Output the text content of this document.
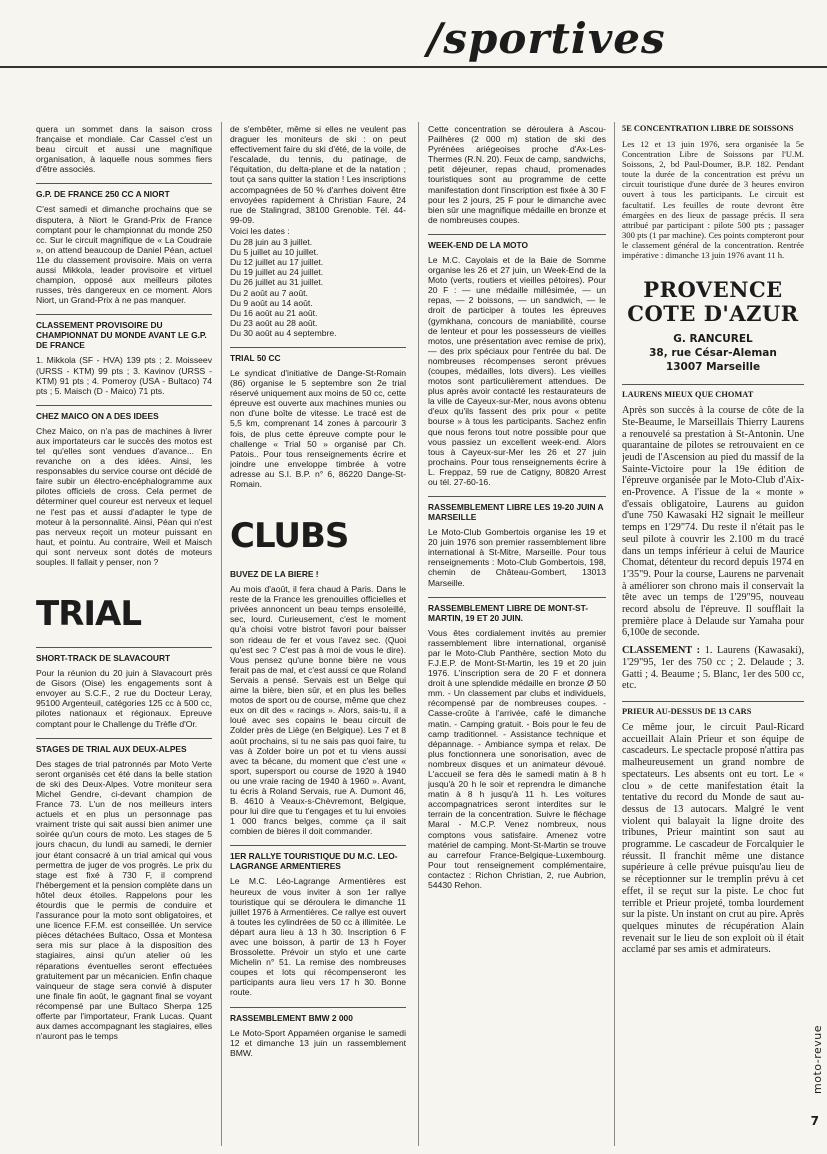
/sportives

quera un sommet dans la saison cross française et mondiale. Car Cassel c'est un beau circuit et aussi une magnifique organisation, à laquelle nous sommes fiers d'être associés.

G.P. DE FRANCE 250 CC A NIORT

C'est samedi et dimanche prochains que se disputera, à Niort le Grand-Prix de France comptant pour le championnat du monde 250 cc. Sur le circuit magnifique de « La Coudraie », on attend beaucoup de Daniel Péan, actuel 11e du classement provisoire. Mais on verra aussi Mikkola, leader provisoire et virtuel champion, opposé aux meilleurs pilotes russes, très dangereux en ce moment. Alors Niort, un Grand-Prix à ne pas manquer.

CLASSEMENT PROVISOIRE DU CHAMPIONNAT DU MONDE AVANT LE G.P. DE FRANCE

1. Mikkola (SF - HVA) 139 pts ; 2. Moisseev (URSS - KTM) 99 pts ; 3. Kavinov (URSS - KTM) 91 pts ; 4. Pomeroy (USA - Bultaco) 74 pts ; 5. Maisch (D - Maico) 71 pts.

CHEZ MAICO ON A DES IDEES

Chez Maico, on n'a pas de machines à livrer aux importateurs car le succès des motos est tel qu'elles sont vendues d'avance... En revanche on a des idées. Ainsi, les responsables du service course ont décidé de faire subir un électro-encéphalogramme aux pilotes officiels de cross. Cela permet de déterminer quel coureur est nerveux et lequel ne l'est pas et aussi d'adapter le type de moteur à la personnalité. Ainsi, Péan qui n'est pas nerveux reçoit un moteur puissant en haut, et pointu. Au contraire, Weil et Maisch qui sont nerveux sont dotés de moteurs souples. Il fallait y penser, non ?

TRIAL
SHORT-TRACK DE SLAVACOURT

Pour la réunion du 20 juin à Slavacourt près de Gisors (Oise) les engagements sont à envoyer au S.C.F., 2 rue du Docteur Leray, 95100 Argenteuil, catégories 125 cc à 500 cc, pilotes nationaux et régionaux. Epreuve comptant pour le Challenge du Trèfle d'Or.

STAGES DE TRIAL AUX DEUX-ALPES

Des stages de trial patronnés par Moto Verte seront organisés cet été dans la belle station de ski des Deux-Alpes. Votre moniteur sera Michel Gendre, ci-devant champion de France 73. L'un de nos meilleurs inters actuels et en plus un personnage pas vraiment triste qui sait aussi bien animer une soirée qu'un cours de moto. Les stages de 5 jours chacun, du lundi au samedi, le dernier jour étant consacré à un trial amical qui vous permettra de juger de vos progrès. Le prix du stage est fixé à 730 F, il comprend l'hébergement et la pension complète dans un hôtel deux étoiles. Rappelons pour les étourdis que le permis de conduire et l'assurance pour la moto sont obligatoires, et une licence F.F.M. est conseillée. Un service pièces détachées Bultaco, Ossa et Montesa sera mis sur place à la disposition des stagiaires, ainsi qu'un atelier où les réparations éventuelles seront effectuées gratuitement par un mécanicien. Enfin chaque vainqueur de stage sera convié à disputer une finale fin août, le gagnant final se voyant récompensé par une Bultaco Sherpa 125 offerte par l'importateur, Frank Lucas. Quant aux dames accompagnant les stagiaires, elles n'auront pas le temps

de s'embêter, même si elles ne veulent pas draguer les moniteurs de ski : on peut effectivement faire du ski d'été, de la voile, de l'escalade, du tennis, du patinage, de l'équitation, du delta-plane et de la natation ; tout ça sans quitter la station ! Les inscriptions accompagnées de 50 % d'arrhes doivent être envoyées rapidement à Christian Faure, 24 rue de Stalingrad, 38100 Grenoble. Tél. 44-99-09.

Voici les dates :

Du 28 juin au 3 juillet.
Du 5 juillet au 10 juillet.
Du 12 juillet au 17 juillet.
Du 19 juillet au 24 juillet.
Du 26 juillet au 31 juillet.
Du 2 août au 7 août.
Du 9 août au 14 août.
Du 16 août au 21 août.
Du 23 août au 28 août.
Du 30 août au 4 septembre.
TRIAL 50 CC

Le syndicat d'initiative de Dange-St-Romain (86) organise le 5 septembre son 2e trial réservé uniquement aux moins de 50 cc, cette épreuve est ouverte aux machines munies ou non d'une boîte de vitesse. Le tracé est de 5,5 km, comprenant 14 zones à parcourir 3 fois, de plus cette épreuve compte pour le challenge « Trial 50 » organisé par Ch. Patois.. Pour tous renseignements écrire et joindre une enveloppe timbrée à votre adresse au S.I. B.P. n° 6, 86220 Dange-St-Romain.

CLUBS
BUVEZ DE LA BIERE !

Au mois d'août, il fera chaud à Paris. Dans le reste de la France les grenouilles officielles et privées annoncent un beau temps ensoleillé, sec, lourd. Curieusement, c'est le moment qu'a choisi votre bistrot favori pour baisser son rideau de fer et vous l'avez sec. (Quoi qu'est sec ? C'est pas à moi de vous le dire). Vous pensez qu'une bonne bière ne vous ferait pas de mal, et c'est aussi ce que Roland Servais a pensé. Servais est un Belge qui aime la bière, bien sûr, et en plus les belles motos de sport ou de course, même que chez eux on dit des « racings ». Alors, sais-tu, il a loué avec ses copains le beau circuit de Zolder près de Liège (en Belgique). Les 7 et 8 août prochains, si tu ne sais pas quoi faire, tu vas à Zolder boire un pot et tu viens aussi avec ta bécane, du moment que c'est une « sport, supersport ou course de 1920 à 1940 ou une vraie racing de 1940 à 1960 ». Avant, tu écris à Roland Servais, rue A. Dumont 46, B. 4610 à Veaux-s-Chèvremont, Belgique, pour lui dire que tu t'engages et tu lui envoies 1 000 francs belges, comme ça il sait combien de bières il doit commander.

1ER RALLYE TOURISTIQUE DU M.C. LEO-LAGRANGE ARMENTIERES

Le M.C. Léo-Lagrange Armentières est heureux de vous inviter à son 1er rallye touristique qui se déroulera le dimanche 11 juillet 1976 à Armentières. Ce rallye est ouvert à toutes les cylindrées de 50 cc à illimitée. Le départ aura lieu à 13 h 30. Inscription 6 F avec une boisson, à partir de 13 h Foyer Brossolette. Prévoir un stylo et une carte Michelin n° 51. La remise des nombreuses coupes et lots qui récompenseront les participants aura lieu vers 17 h 30. Bonne route.

RASSEMBLEMENT BMW 2 000

Le Moto-Sport Appaméen organise le samedi 12 et dimanche 13 juin un rassemblement BMW.

Cette concentration se déroulera à Ascou-Pailhères (2 000 m) station de ski des Pyrénées ariégeoises proche d'Ax-Les-Thermes (R.N. 20). Feux de camp, sandwichs, petit déjeuner, repas chaud, promenades touristiques sont au programme de cette manifestation dont l'inscription est fixée à 30 F pour les 2 jours, 25 F pour le dimanche avec bien sûr une magnifique médaille en bronze et de nombreuses coupes.

WEEK-END DE LA MOTO

Le M.C. Cayolais et de la Baie de Somme organise les 26 et 27 juin, un Week-End de la Moto (verts, routiers et vieilles pétoires). Pour 20 F : — une médaille millésimée, — un repas, — 2 boissons, — un sandwich, — le droit de participer à toutes les épreuves (gymkhana, concours de maniabilité, course de lenteur et pour les possesseurs de vieilles motos, une présentation avec remise de prix), — des prix spéciaux pour l'entrée du bal. De nombreuses récompenses seront prévues (coupes, médailles, lots divers). Les vieilles motos sont particulièrement attendues. De plus après avoir contacté les restaurateurs de la ville de Cayeux-sur-Mer, nous avons obtenu d'eux qu'ils fassent des prix pour « petite bourse » à tous les participants. Sachez enfin que nous ferons tout notre possible pour que vous passiez un excellent week-end. Alors tous à Cayeux-sur-Mer les 26 et 27 juin prochains. Pour tous renseignements écrire à L. Freppaz, 59 rue de Catigny, 80820 Arrest ou tél. 27-60-16.

RASSEMBLEMENT LIBRE LES 19-20 JUIN A MARSEILLE

Le Moto-Club Gombertois organise les 19 et 20 juin 1976 son premier rassemblement libre international à St-Mitre, Marseille. Pour tous renseignements : Moto-Club Gombertois, 198, chemin de Château-Gombert, 13013 Marseille.

RASSEMBLEMENT LIBRE DE MONT-ST-MARTIN, 19 ET 20 JUIN.

Vous êtes cordialement invités au premier rassemblement libre international, organisé par le Moto-Club Panthère, section Moto du F.J.E.P. de Mont-St-Martin, les 19 et 20 juin 1976. L'inscription sera de 20 F et donnera droit à une splendide médaille en bronze Ø 50 mm. - Un classement par clubs et individuels, récompensé par de nombreuses coupes. - Casse-croûte à l'arrivée, café le dimanche matin. - Camping gratuit. - Bois pour le feu de camp traditionnel. - Assistance technique et dépannage. - Ambiance sympa et relax. De plus fonctionnera une sonorisation, avec de nombreux disques et un animateur dévoué. L'accueil se fera dès le samedi matin à 8 h jusqu'à 20 h le soir et reprendra le dimanche matin à 8 h jusqu'à 11 h. Les voitures accompagnatrices seront interdites sur le terrain de la concentration. Suivre le fléchage Maral - M.C.P. Venez nombreux, nous comptons vous satisfaire. Amenez votre matériel de camping. Mont-St-Martin se trouve au carrefour France-Belgique-Luxembourg. Pour tout renseignement complémentaire, contactez : Richon Christian, 2, rue Aubrion, 54430 Rehon.

5E CONCENTRATION LIBRE DE SOISSONS

Les 12 et 13 juin 1976, sera organisée la 5e Concentration Libre de Soissons par l'U.M. Soissons, 2, bd Paul-Doumer, B.P. 182. Pendant toute la durée de la concentration est prévu un circuit touristique d'une durée de 3 heures environ ouvert à tous les participants. Le circuit est facultatif. Les feuilles de route devront être émargées en des lieux de passage précis. Il sera attribué par participant : pilote 500 pts ; passager 300 pts (1 par machine). Ces points compteront pour le classement général de la concentration. Rentrée impérative : dimanche 13 juin 1976 avant 11 h.

PROVENCE
COTE D'AZUR
G. RANCUREL
38, rue César-Aleman
13007 Marseille
LAURENS MIEUX QUE CHOMAT

Après son succès à la course de côte de la Ste-Beaume, le Marseillais Thierry Laurens a renouvelé sa prestation à St-Antonin. Une quarantaine de pilotes se retrouvaient en ce jeudi de l'Ascension au pied du massif de la Sainte-Victoire pour la 19e édition de l'épreuve organisée par le Moto-Club d'Aix-en-Provence. A l'issue de la « monte » d'essais obligatoire, Laurens au guidon d'une 750 Kawasaki H2 signait le meilleur temps en 1'29"74. Du reste il n'était pas le seul pilote à couvrir les 2.100 m du tracé dans un temps inférieur à celui de Maurice Chomat, détenteur du record depuis 1974 en 1'35"9. Pour la course, Laurens ne parvenait à améliorer son chrono mais il conservait la tête avec un temps de 1'29"95, nouveau record absolu de l'épreuve. Il soufflait la première place à Delaude sur Yamaha pour 6,100e de seconde.

CLASSEMENT : 1. Laurens (Kawasaki), 1'29"95, 1er des 750 cc ; 2. Delaude ; 3. Gatti ; 4. Beaume ; 5. Blanc, 1er des 500 cc, etc.

PRIEUR AU-DESSUS DE 13 CARS

Ce même jour, le circuit Paul-Ricard accueillait Alain Prieur et son équipe de cascadeurs. Le spectacle proposé n'attira pas malheureusement un grand nombre de spectateurs. Les absents ont eu tort. Le « clou » de cette manifestation était la tentative du record du Monde de saut au-dessus de 13 autocars. Malgré le vent violent qui balayait la ligne droite des tribunes, Prieur maintint son saut au programme. Le cascadeur de Forcalquier le réussit. Il franchit même une distance supérieure à celle prévue puisqu'au lieu de se réceptionner sur le tremplin prévu à cet effet, il se reçut sur la piste. Le choc fut terrible et Prieur projeté, tomba lourdement sur la piste. Un instant on crut au pire. Après quelques minutes de récupération Alain revenait sur le lieu de son exploit où il était acclamé par ses amis et admirateurs.

moto-revue
7
